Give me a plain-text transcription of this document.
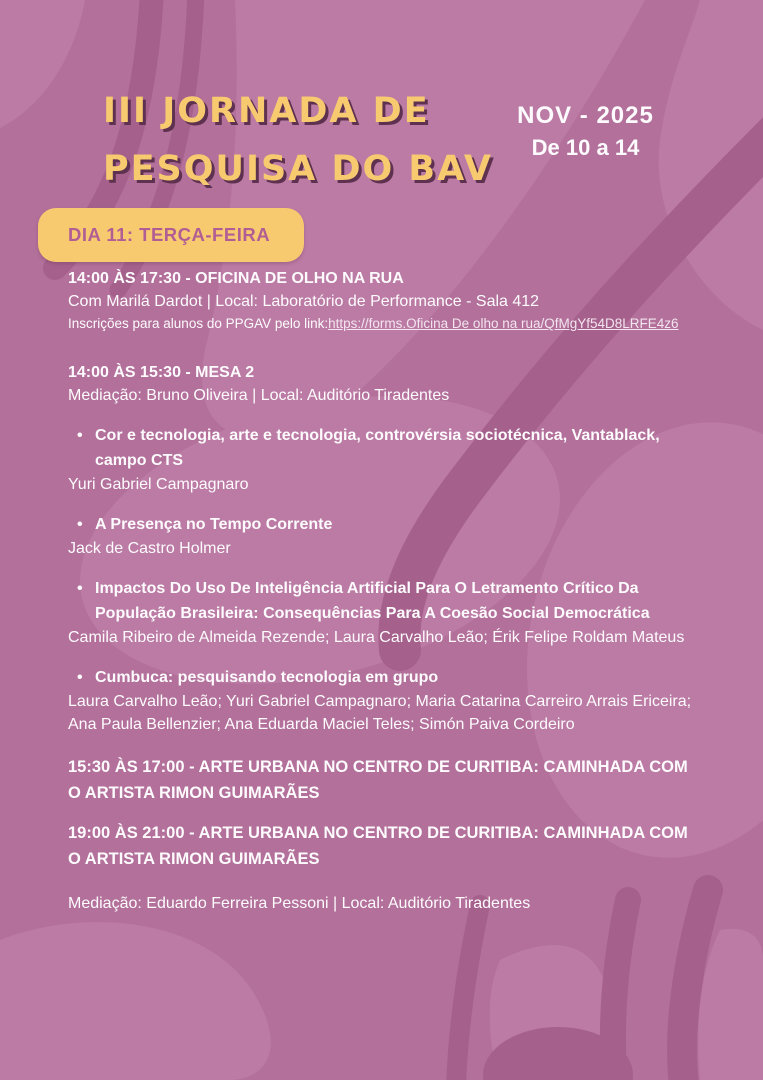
III JORNADA DE
PESQUISA DO BAV
NOV - 2025
De 10 a 14
DIA 11: TERÇA-FEIRA
14:00 ÀS 17:30 - OFICINA DE OLHO NA RUA
Com Marilá Dardot | Local: Laboratório de Performance - Sala 412
Inscrições para alunos do PPGAV pelo link:https://forms.Oficina De olho na rua/QfMgYf54D8LRFE4z6
14:00 ÀS 15:30 - MESA 2
Mediação: Bruno Oliveira | Local: Auditório Tiradentes
• Cor e tecnologia, arte e tecnologia, controvérsia sociotécnica, Vantablack, campo CTS
Yuri Gabriel Campagnaro
• A Presença no Tempo Corrente
Jack de Castro Holmer
• Impactos Do Uso De Inteligência Artificial Para O Letramento Crítico Da População Brasileira: Consequências Para A Coesão Social Democrática
Camila Ribeiro de Almeida Rezende; Laura Carvalho Leão; Érik Felipe Roldam Mateus
• Cumbuca: pesquisando tecnologia em grupo
Laura Carvalho Leão; Yuri Gabriel Campagnaro; Maria Catarina Carreiro Arrais Ericeira; Ana Paula Bellenzier; Ana Eduarda Maciel Teles; Simón Paiva Cordeiro
15:30 ÀS 17:00 - ARTE URBANA NO CENTRO DE CURITIBA: CAMINHADA COM O ARTISTA RIMON GUIMARÃES
19:00 ÀS 21:00 - ARTE URBANA NO CENTRO DE CURITIBA: CAMINHADA COM O ARTISTA RIMON GUIMARÃES
Mediação: Eduardo Ferreira Pessoni | Local: Auditório Tiradentes
